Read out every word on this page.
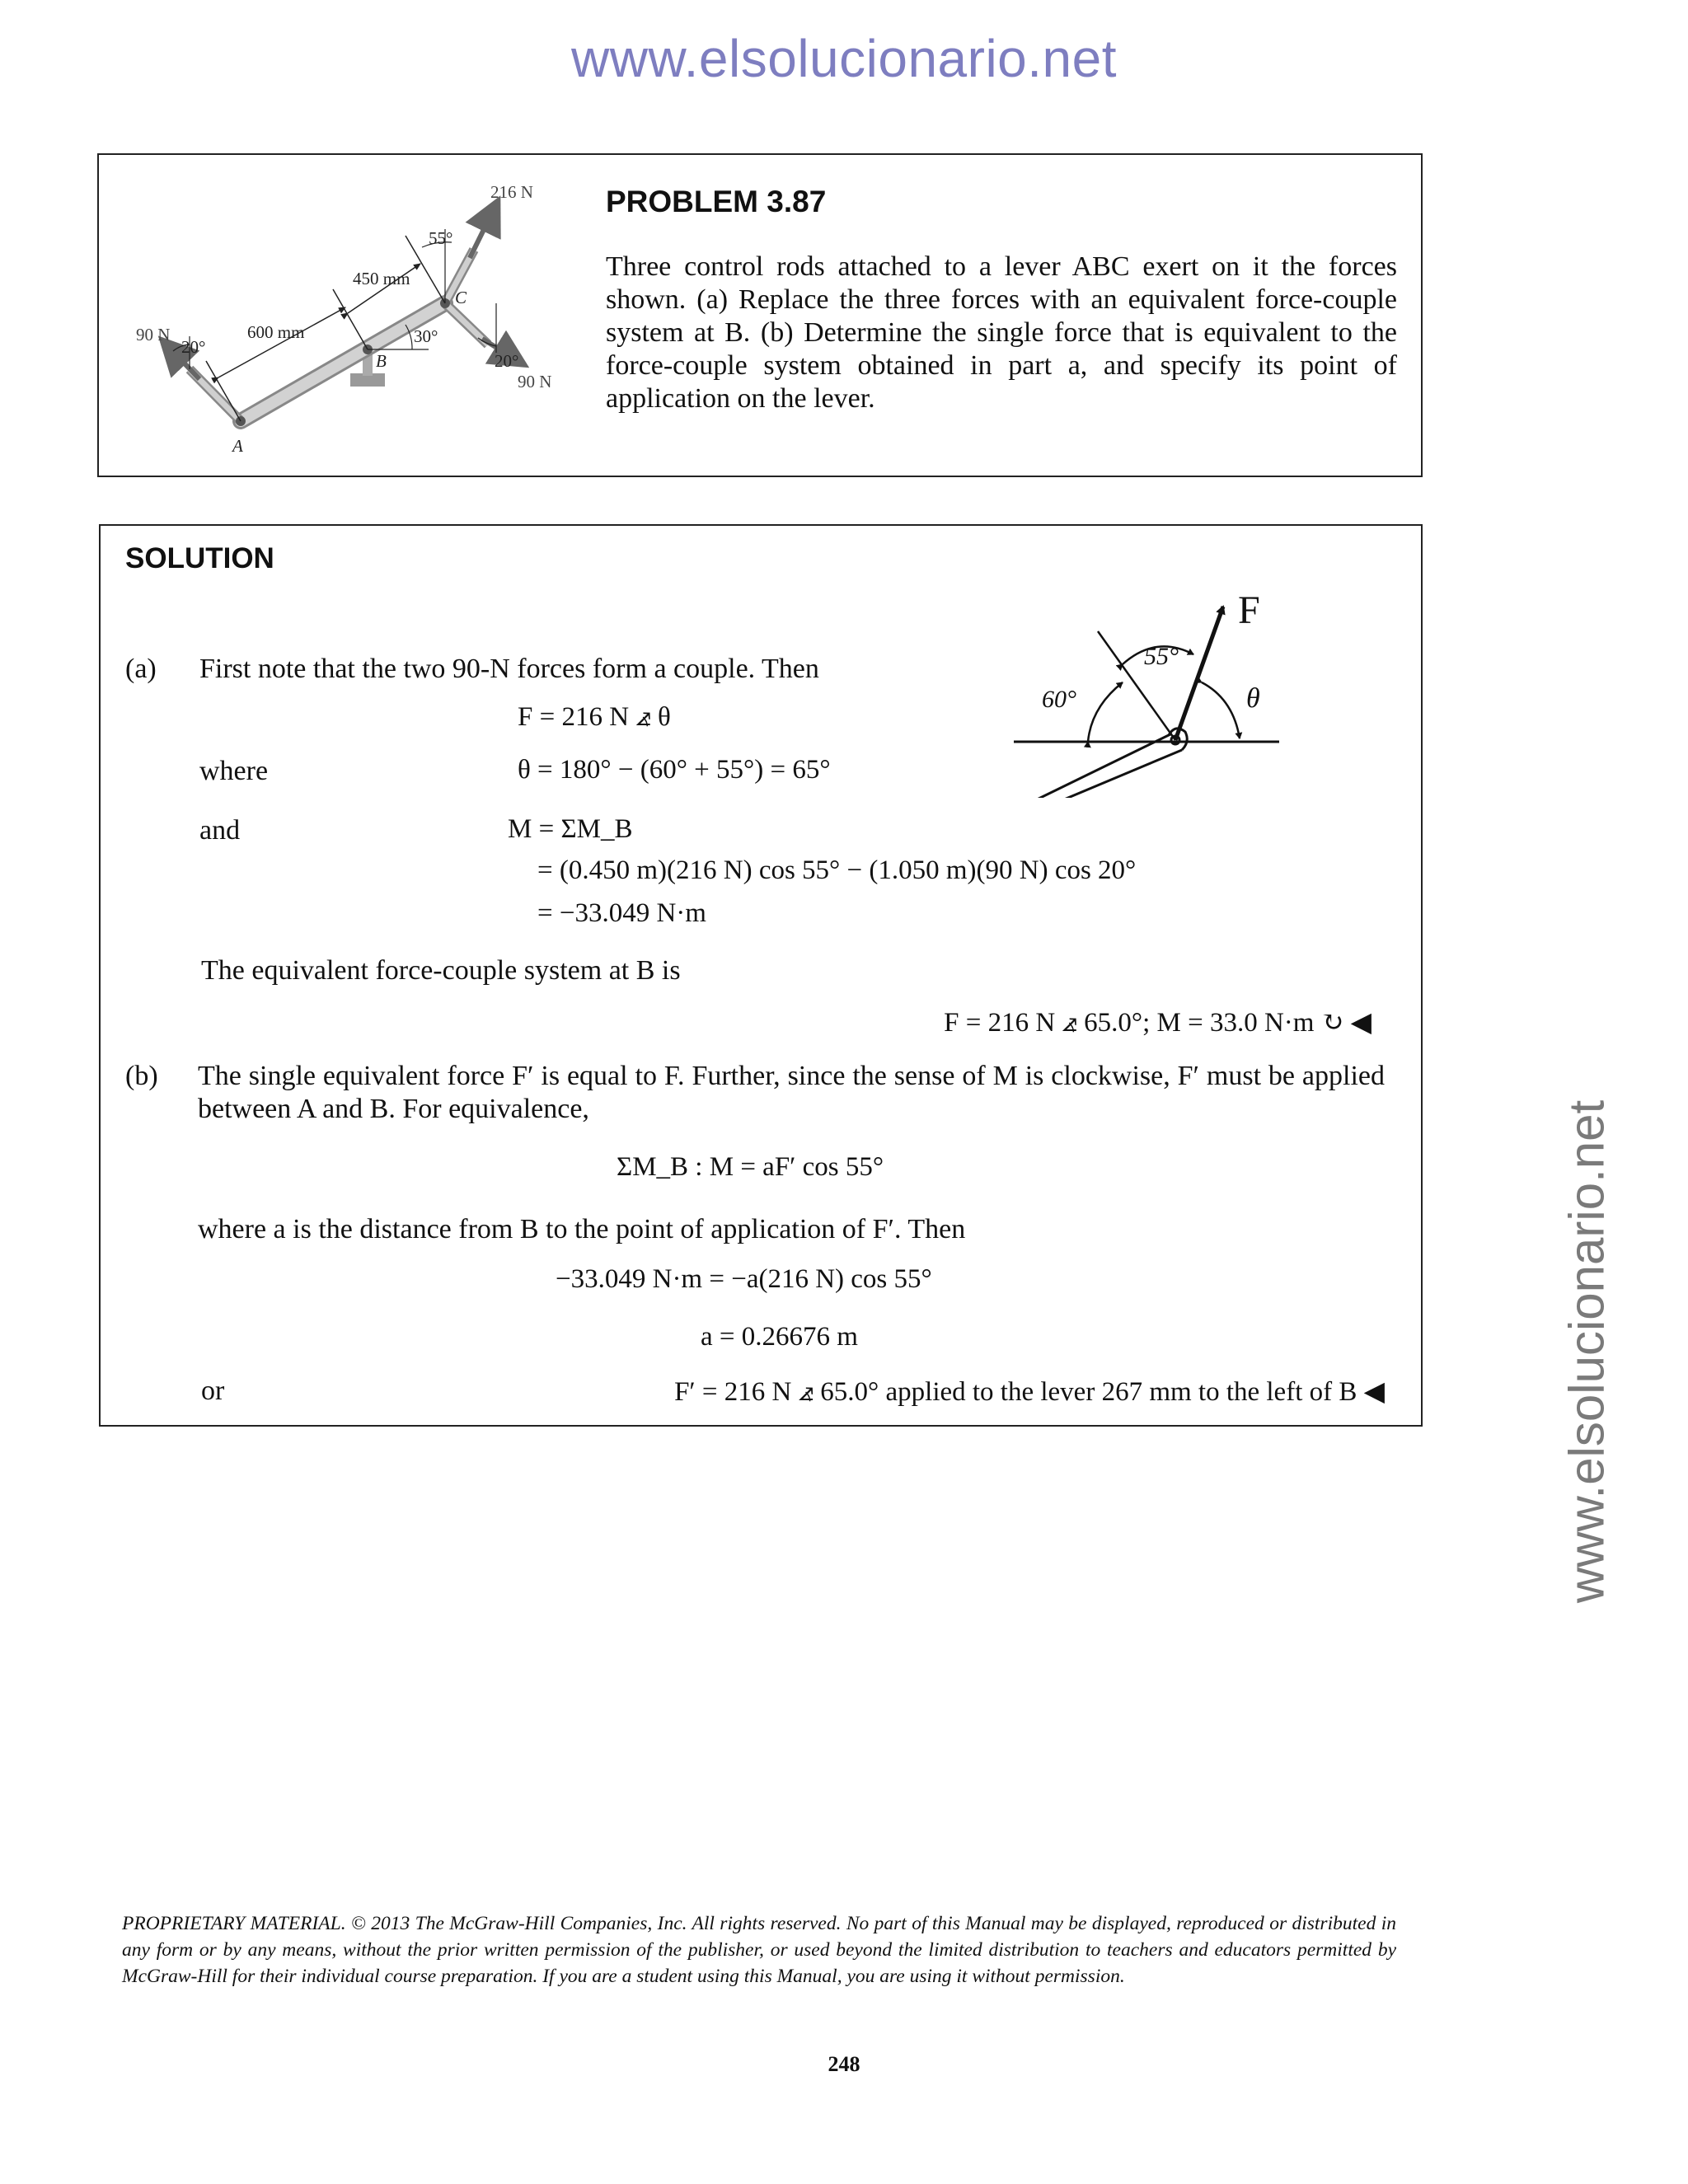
www.elsolucionario.net
www.elsolucionario.net
216 N
55°
450 mm
C
90 N
20°
600 mm	30°
B	20°
90 N
A
PROBLEM 3.87
Three control rods attached to a lever ABC exert on it the forces shown. (a) Replace the three forces with an equivalent force-couple system at B. (b) Determine the single force that is equivalent to the force-couple system obtained in part a, and specify its point of application on the lever.
SOLUTION
F
55°
60°	θ
(a) First note that the two 90-N forces form a couple. Then
F = 216 N ⦨ θ
where	θ = 180° − (60° + 55°) = 65°
and	M = ΣM_B
= (0.450 m)(216 N) cos 55° − (1.050 m)(90 N) cos 20°
= −33.049 N·m
The equivalent force-couple system at B is
F = 216 N ⦨ 65.0°; M = 33.0 N·m ↻ ◀
(b) The single equivalent force F′ is equal to F. Further, since the sense of M is clockwise, F′ must be applied between A and B. For equivalence,
ΣM_B : M = aF′ cos 55°
where a is the distance from B to the point of application of F′. Then
−33.049 N·m = −a(216 N) cos 55°
a = 0.26676 m
or	F′ = 216 N ⦨ 65.0° applied to the lever 267 mm to the left of B ◀
PROPRIETARY MATERIAL. © 2013 The McGraw-Hill Companies, Inc. All rights reserved. No part of this Manual may be displayed, reproduced or distributed in any form or by any means, without the prior written permission of the publisher, or used beyond the limited distribution to teachers and educators permitted by McGraw-Hill for their individual course preparation. If you are a student using this Manual, you are using it without permission.
248
